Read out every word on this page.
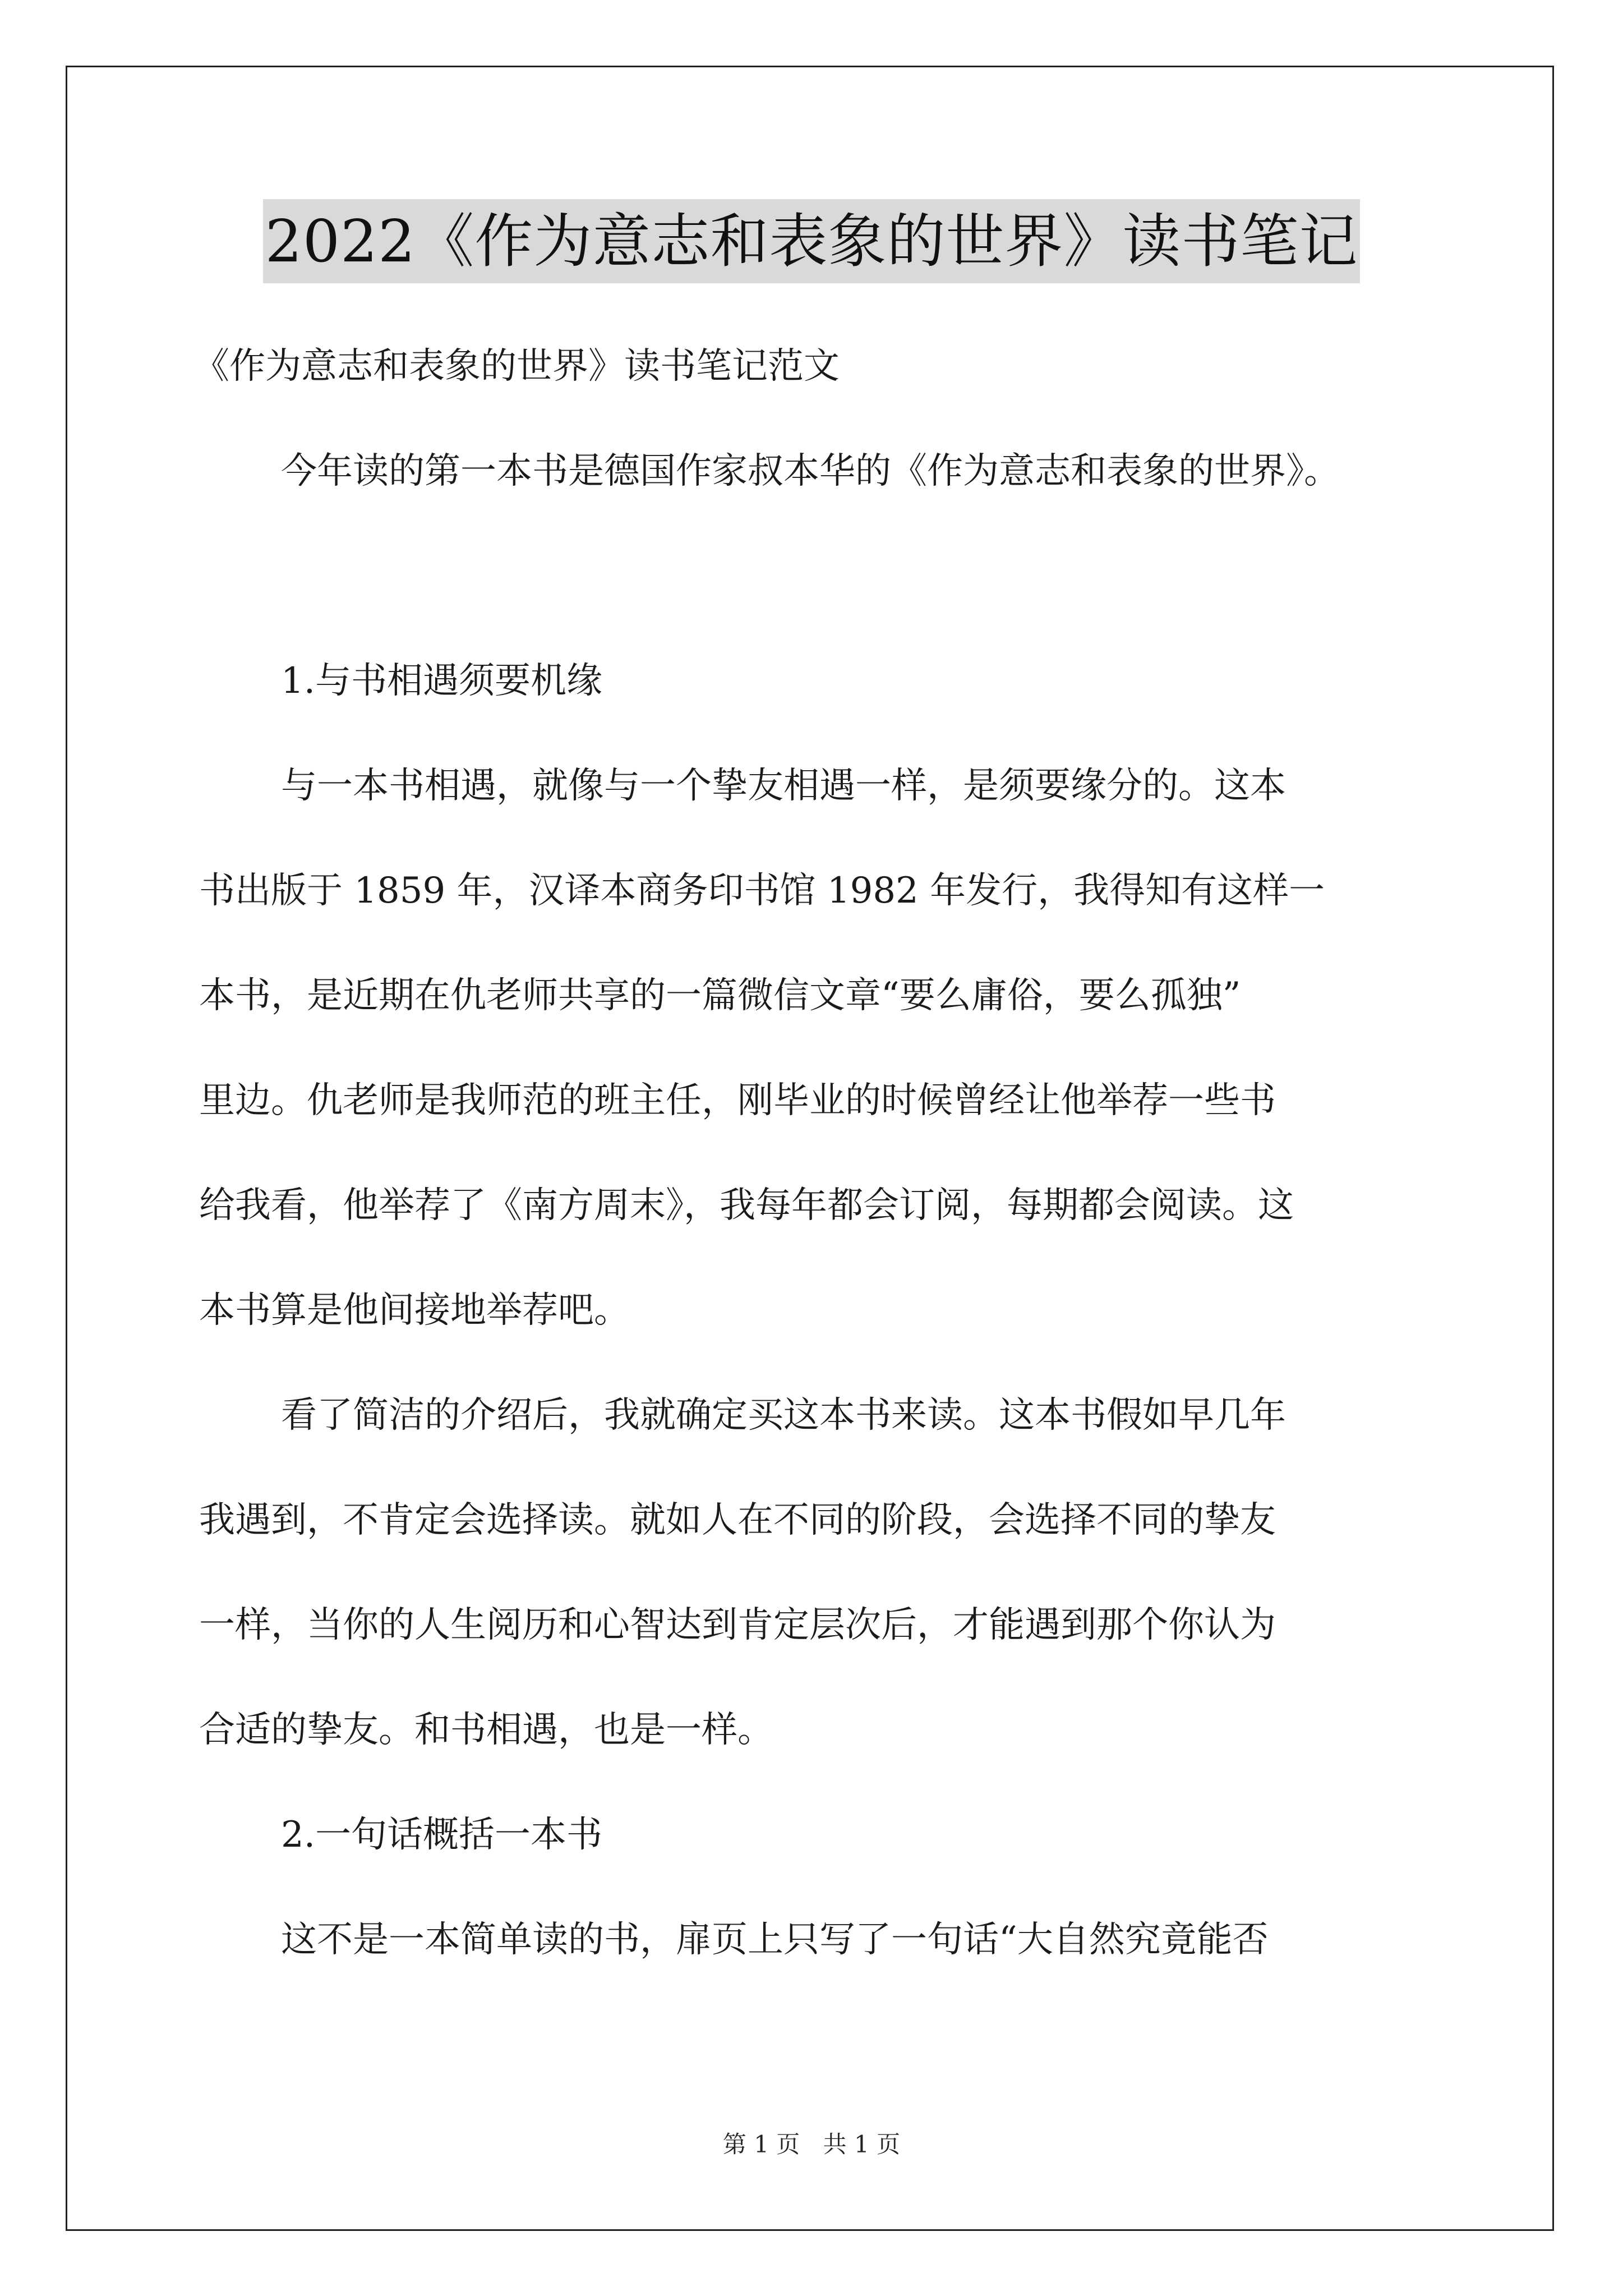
2022《作为意志和表象的世界》读书笔记
《作为意志和表象的世界》读书笔记范文
今年读的第一本书是德国作家叔本华的《作为意志和表象的世界》。
1.与书相遇须要机缘
与一本书相遇，就像与一个挚友相遇一样，是须要缘分的。这本
书出版于 1859 年，汉译本商务印书馆 1982 年发行，我得知有这样一
本书，是近期在仇老师共享的一篇微信文章“要么庸俗，要么孤独”
里边。仇老师是我师范的班主任，刚毕业的时候曾经让他举荐一些书
给我看，他举荐了《南方周末》，我每年都会订阅，每期都会阅读。这
本书算是他间接地举荐吧。
看了简洁的介绍后，我就确定买这本书来读。这本书假如早几年
我遇到，不肯定会选择读。就如人在不同的阶段，会选择不同的挚友
一样，当你的人生阅历和心智达到肯定层次后，才能遇到那个你认为
合适的挚友。和书相遇，也是一样。
2.一句话概括一本书
这不是一本简单读的书，扉页上只写了一句话“大自然究竟能否
第 1 页 共 1 页
